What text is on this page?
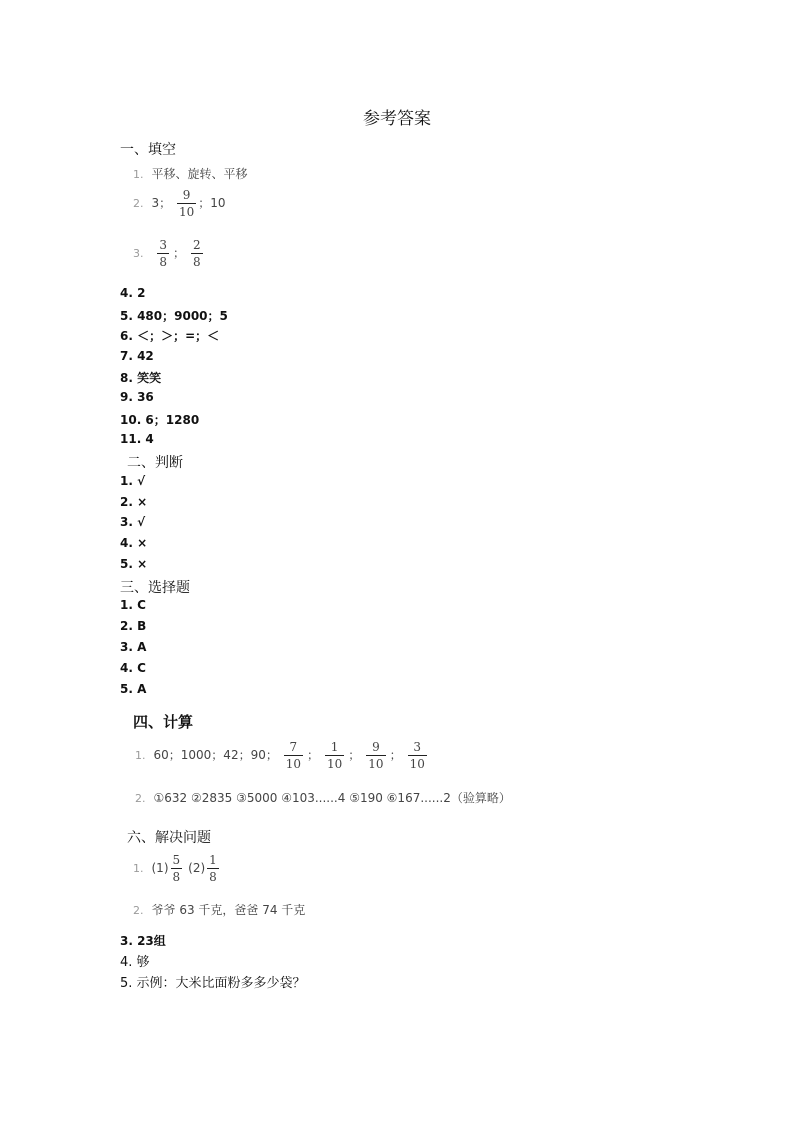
参考答案
一、填空
1. 平移、旋转、平移
2. 3； $\frac{9}{10}$ ；10
3. $\frac{3}{8}$ ； $\frac{2}{8}$
4. 2
5. 480；9000；5
6. ＜；＞；=；＜
7. 42
8. 笑笑
9. 36
10. 6；1280
11. 4
二、判断
1. √
2. ×
3. √
4. ×
5. ×
三、选择题
1. C
2. B
3. A
4. C
5. A
四、计算
1. 60；1000；42；90； $\frac{7}{10}$ ； $\frac{1}{10}$ ； $\frac{9}{10}$ ； $\frac{3}{10}$
2. ①632 ②2835 ③5000 ④103......4 ⑤190 ⑥167......2（验算略）
六、解决问题
1. $(1) \frac{5}{8} (2) \frac{1}{8}$
2. 爷爷 63 千克，爸爸 74 千克
3. 23组
4. 够
5. 示例：大米比面粉多多少袋？
